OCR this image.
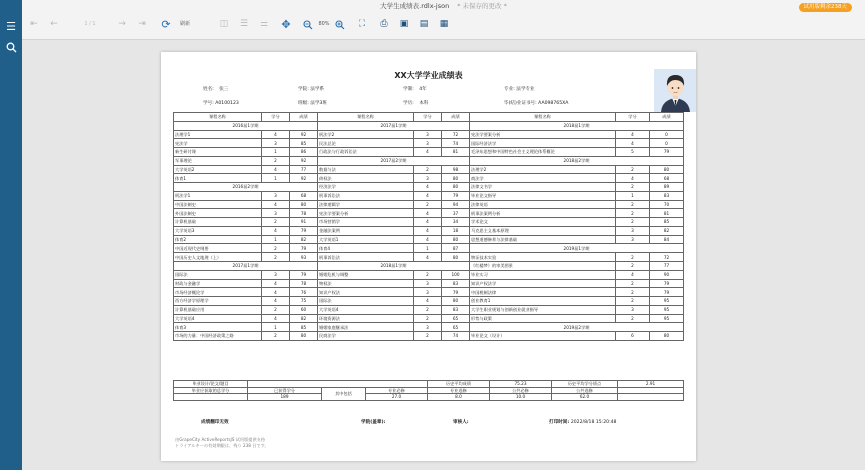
☰
大学生成绩表.rdlx-json * 未保存的更改 *	试用版剩余238天
⇤ ←	1 / 1	→ ⇥ ⟳	刷新	◫ ☰ ⚌ ✥	80%	⛶	⎙ ▣ ▤ ▦
XX大学学业成绩表
姓名: 张三	学院: 法学系	学制: 4年	专业: 法学专业
学号: A0100123	班级: 法学3班	学历: 本科	毕(结)业证书号: AA098765XA
课程名称	学分	成绩	课程名称	学分	成绩	课程名称	学分	成绩
2016届1学期			2017届1学期			2018届1学期		
法理学1	4	92	刑法学2	3	72	宪法学要案分析	4	0
宪法学	3	85	民法总论	3	74	国际经济法学	4	0
新生研讨课	1	86	行政法与行政诉讼法	4	81	毛泽东思想和中国特色社会主义理论体系概论	5	79
军事理论	2	92	2017届2学期			2018届2学期		
大学英语2	4	77	数据与法	2	98	法理学2	2	80
体育1	1	92	债权法	3	80	商法学	4	68
2016届2学期			经济法学	4	80	法律文书学	2	89
刑法学1	3	68	刑事诉讼法	4	79	毕业论文指导	1	83
中国法制史	4	80	法律逻辑学	2	94	法律英语	2	70
外国法制史	3	78	宪法学要案分析	4	37	刑事法案例分析	2	81
计算机基础	2	91	市场营销学	4	34	学术论文	2	85
大学英语3	4	79	金融法案例	4	18	马克思主义基本原理	3	82
体育2	1	82	大学英语1	4	80	思想道德修养与法律基础	3	84
中国近现代史纲要	2	79	体育4	1	87	2019届1学期		
中国历史人文地理（上）	2	93	刑事诉讼法	4	80	物证技术实验	2	72
2017届1学期			2018届1学期			《红楼梦》的审美图景	2	77
国际法	3	79	婚姻危机与调整	2	100	毕业实习	4	90
财政与金融学	4	78	物权法	3	83	知识产权法学	2	79
市场经济概论学	4	76	知识产权法	3	79	中国税制法律	2	79
西方经济学原理学	4	75	国际法	4	80	创业教育1	2	95
计算机基础应用	2	60	大学英语4	2	83	大学生职业规划与创新创业就业指导	3	95
大学英语4	4	82	环境资源法	2	65	形势与政策	2	95
体育3	1	85	婚姻家庭继承法	3	65	2019届2学期		
市场的力量：中国经济政策之路	2	80	民商法学	2	74	毕业论文（设计）	6	80
毕业设计/论文/题目				历史平均成绩	75.23	历史平均学分绩点	2.91
毕业应获取的总学分	已获得学分	其中包括	专业必修	专业选修	公共必修	公共选修	
	189		27.0	8.0	10.0	62.0	
成绩翻印无效	学院(盖章):	审核人:	打印时间: 2022/8/18 15:20:48
由GrapeCity ActiveReportsJS 试用版提供支持
トライアルキーの有効期限は、残り 238 日です。
